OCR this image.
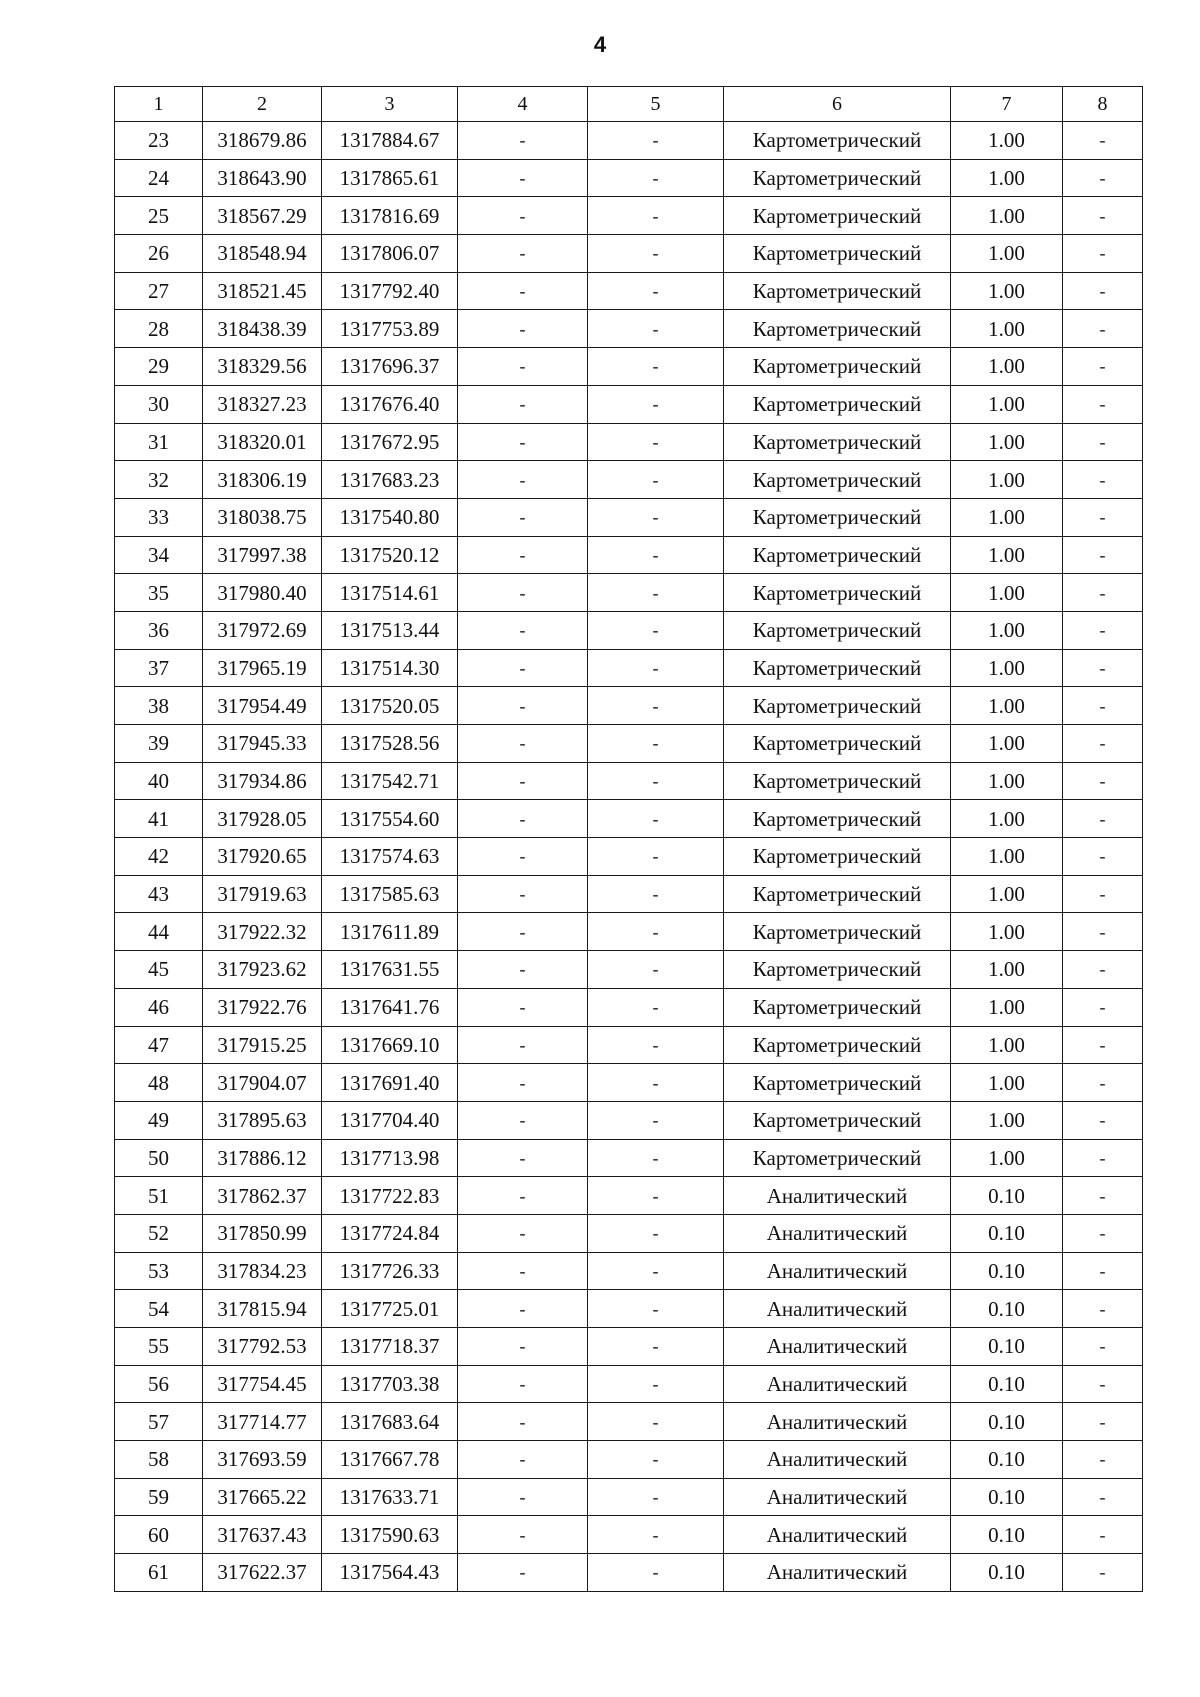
4
1	2	3	4	5	6	7	8
23	318679.86	1317884.67	-	-	Картометрический	1.00	-
24	318643.90	1317865.61	-	-	Картометрический	1.00	-
25	318567.29	1317816.69	-	-	Картометрический	1.00	-
26	318548.94	1317806.07	-	-	Картометрический	1.00	-
27	318521.45	1317792.40	-	-	Картометрический	1.00	-
28	318438.39	1317753.89	-	-	Картометрический	1.00	-
29	318329.56	1317696.37	-	-	Картометрический	1.00	-
30	318327.23	1317676.40	-	-	Картометрический	1.00	-
31	318320.01	1317672.95	-	-	Картометрический	1.00	-
32	318306.19	1317683.23	-	-	Картометрический	1.00	-
33	318038.75	1317540.80	-	-	Картометрический	1.00	-
34	317997.38	1317520.12	-	-	Картометрический	1.00	-
35	317980.40	1317514.61	-	-	Картометрический	1.00	-
36	317972.69	1317513.44	-	-	Картометрический	1.00	-
37	317965.19	1317514.30	-	-	Картометрический	1.00	-
38	317954.49	1317520.05	-	-	Картометрический	1.00	-
39	317945.33	1317528.56	-	-	Картометрический	1.00	-
40	317934.86	1317542.71	-	-	Картометрический	1.00	-
41	317928.05	1317554.60	-	-	Картометрический	1.00	-
42	317920.65	1317574.63	-	-	Картометрический	1.00	-
43	317919.63	1317585.63	-	-	Картометрический	1.00	-
44	317922.32	1317611.89	-	-	Картометрический	1.00	-
45	317923.62	1317631.55	-	-	Картометрический	1.00	-
46	317922.76	1317641.76	-	-	Картометрический	1.00	-
47	317915.25	1317669.10	-	-	Картометрический	1.00	-
48	317904.07	1317691.40	-	-	Картометрический	1.00	-
49	317895.63	1317704.40	-	-	Картометрический	1.00	-
50	317886.12	1317713.98	-	-	Картометрический	1.00	-
51	317862.37	1317722.83	-	-	Аналитический	0.10	-
52	317850.99	1317724.84	-	-	Аналитический	0.10	-
53	317834.23	1317726.33	-	-	Аналитический	0.10	-
54	317815.94	1317725.01	-	-	Аналитический	0.10	-
55	317792.53	1317718.37	-	-	Аналитический	0.10	-
56	317754.45	1317703.38	-	-	Аналитический	0.10	-
57	317714.77	1317683.64	-	-	Аналитический	0.10	-
58	317693.59	1317667.78	-	-	Аналитический	0.10	-
59	317665.22	1317633.71	-	-	Аналитический	0.10	-
60	317637.43	1317590.63	-	-	Аналитический	0.10	-
61	317622.37	1317564.43	-	-	Аналитический	0.10	-
